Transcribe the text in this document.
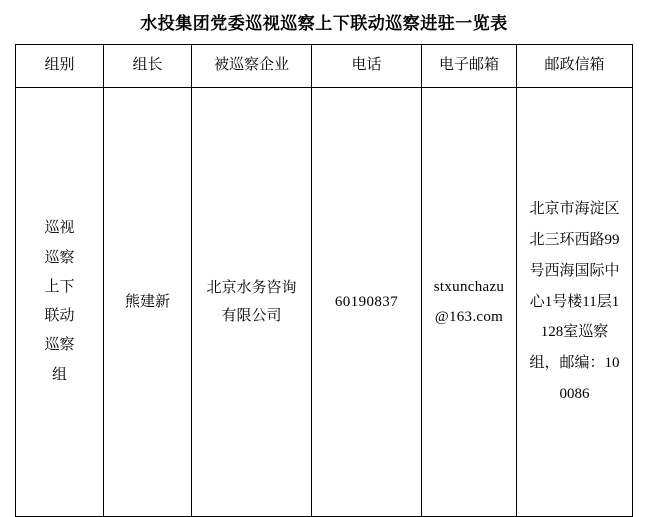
水投集团党委巡视巡察上下联动巡察进驻一览表
组别	组长	被巡察企业	电话	电子邮箱	邮政信箱
巡视巡察上下联动巡察组	熊建新	北京水务咨询有限公司	60190837	stxunchazu@163.com	北京市海淀区北三环西路99号西海国际中心1号楼11层1128室巡察组，邮编：100086
